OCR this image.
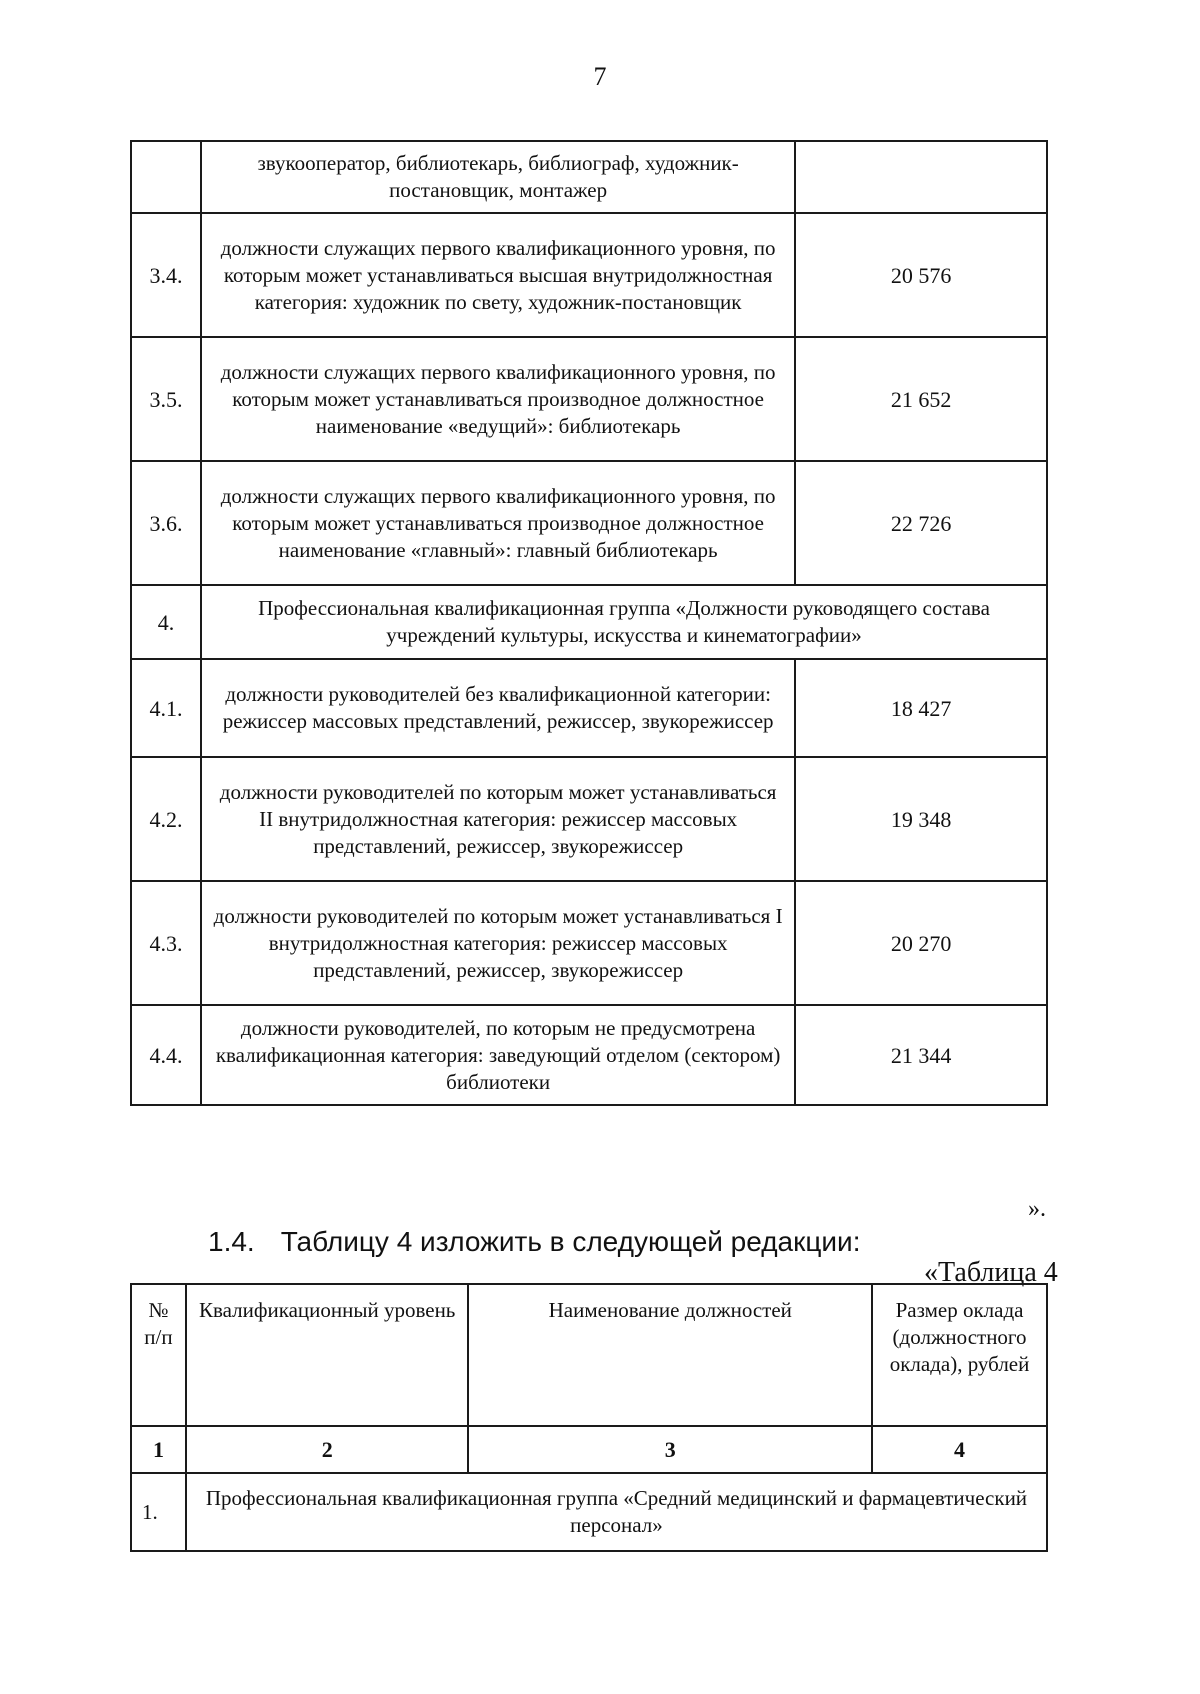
7
	звукооператор, библиотекарь, библиограф, художник-постановщик, монтажер	
3.4.	должности служащих первого квалификационного уровня, по которым может устанавливаться высшая внутридолжностная категория: художник по свету, художник-постановщик	20 576
3.5.	должности служащих первого квалификационного уровня, по которым может устанавливаться производное должностное наименование «ведущий»: библиотекарь	21 652
3.6.	должности служащих первого квалификационного уровня, по которым может устанавливаться производное должностное наименование «главный»: главный библиотекарь	22 726
4.	Профессиональная квалификационная группа «Должности руководящего состава учреждений культуры, искусства и кинематографии»	
4.1.	должности руководителей без квалификационной категории: режиссер массовых представлений, режиссер, звукорежиссер	18 427
4.2.	должности руководителей по которым может устанавливаться II внутридолжностная категория: режиссер массовых представлений, режиссер, звукорежиссер	19 348
4.3.	должности руководителей по которым может устанавливаться I внутридолжностная категория: режиссер массовых представлений, режиссер, звукорежиссер	20 270
4.4.	должности руководителей, по которым не предусмотрена квалификационная категория: заведующий отделом (сектором) библиотеки	21 344
».
1.4. Таблицу 4 изложить в следующей редакции:
«Таблица 4
№ п/п	Квалификационный уровень	Наименование должностей	Размер оклада (должностного оклада), рублей
1	2	3	4
1.	Профессиональная квалификационная группа «Средний медицинский и фармацевтический персонал»		
